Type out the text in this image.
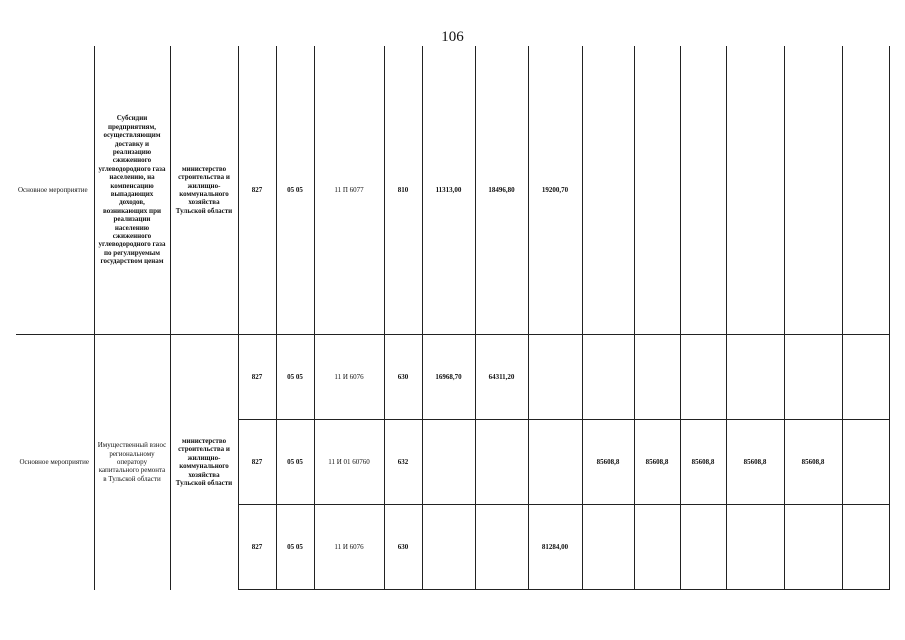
106
Основное мероприятие	Субсидии предприятиям, осуществляющим доставку и реализацию сжиженного углеводородного газа населению, на компенсацию выпадающих доходов, возникающих при реализации населению сжиженного углеводородного газа по регулируемым государством ценам	министерство строительства и жилищно-коммунального хозяйства Тульской области	827	05 05	11 П 6077	810	11313,00	18496,80	19200,70						
Основное мероприятие	Имущественный взнос региональному оператору капитального ремонта в Тульской области	министерство строительства и жилищно-коммунального хозяйства Тульской области	827	05 05	11 И 6076	630	16968,70	64311,20							
			827	05 05	11 И 01 60760	632				85608,8	85608,8	85608,8	85608,8	85608,8	
			827	05 05	11 И 6076	630			81284,00						
